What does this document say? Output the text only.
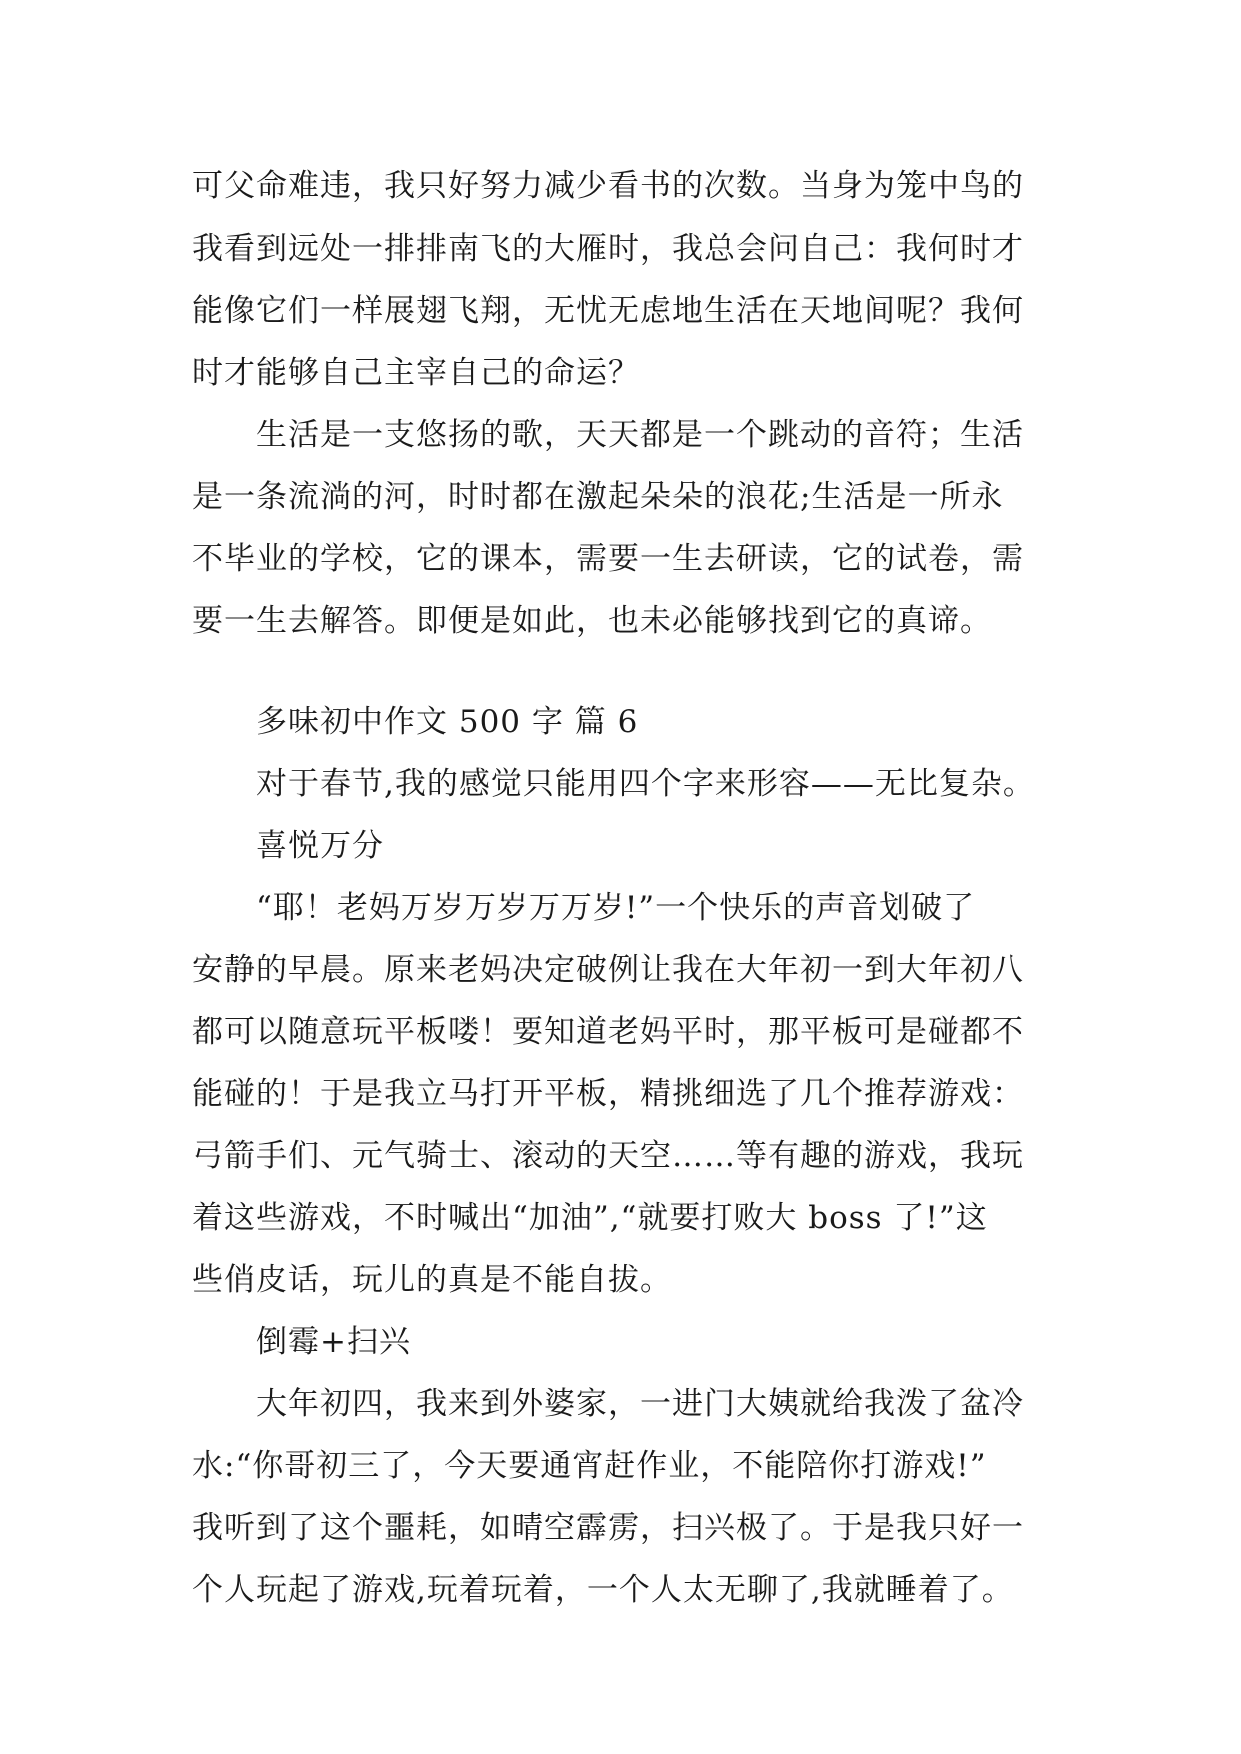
可父命难违，我只好努力减少看书的次数。当身为笼中鸟的
我看到远处一排排南飞的大雁时，我总会问自己：我何时才
能像它们一样展翅飞翔，无忧无虑地生活在天地间呢？我何
时才能够自己主宰自己的命运？
生活是一支悠扬的歌，天天都是一个跳动的音符；生活
是一条流淌的河，时时都在激起朵朵的浪花;生活是一所永
不毕业的学校，它的课本，需要一生去研读，它的试卷，需
要一生去解答。即便是如此，也未必能够找到它的真谛。
多味初中作文 500 字 篇 6
对于春节,我的感觉只能用四个字来形容——无比复杂。
喜悦万分
“耶！老妈万岁万岁万万岁!”一个快乐的声音划破了
安静的早晨。原来老妈决定破例让我在大年初一到大年初八
都可以随意玩平板喽！要知道老妈平时，那平板可是碰都不
能碰的！于是我立马打开平板，精挑细选了几个推荐游戏：
弓箭手们、元气骑士、滚动的天空……等有趣的游戏，我玩
着这些游戏，不时喊出“加油”,“就要打败大 boss 了!”这
些俏皮话，玩儿的真是不能自拔。
倒霉+扫兴
大年初四，我来到外婆家，一进门大姨就给我泼了盆冷
水:“你哥初三了，今天要通宵赶作业，不能陪你打游戏!”
我听到了这个噩耗，如晴空霹雳，扫兴极了。于是我只好一
个人玩起了游戏,玩着玩着，一个人太无聊了,我就睡着了。
